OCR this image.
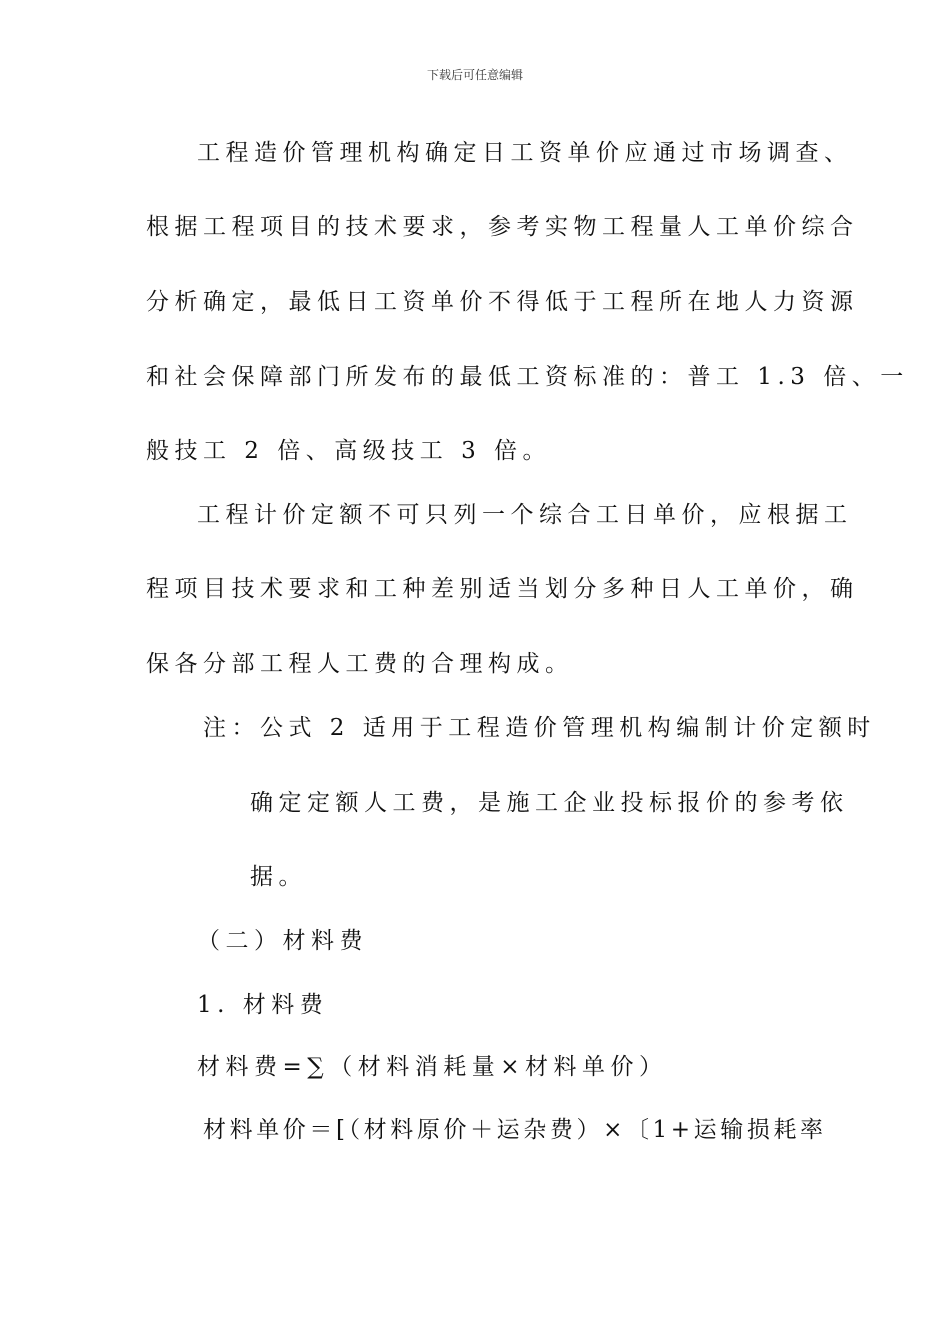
下载后可任意编辑
工程造价管理机构确定日工资单价应通过市场调查、
根据工程项目的技术要求，参考实物工程量人工单价综合
分析确定，最低日工资单价不得低于工程所在地人力资源
和社会保障部门所发布的最低工资标准的：普工 1.3 倍、一
般技工 2 倍、高级技工 3 倍。
工程计价定额不可只列一个综合工日单价，应根据工
程项目技术要求和工种差别适当划分多种日人工单价，确
保各分部工程人工费的合理构成。
注：公式 2 适用于工程造价管理机构编制计价定额时
确定定额人工费，是施工企业投标报价的参考依
据。
（二）材料费
1. 材料费
材料费=∑（材料消耗量×材料单价）
材料单价＝[（材料原价＋运杂费）×〔1+运输损耗率
